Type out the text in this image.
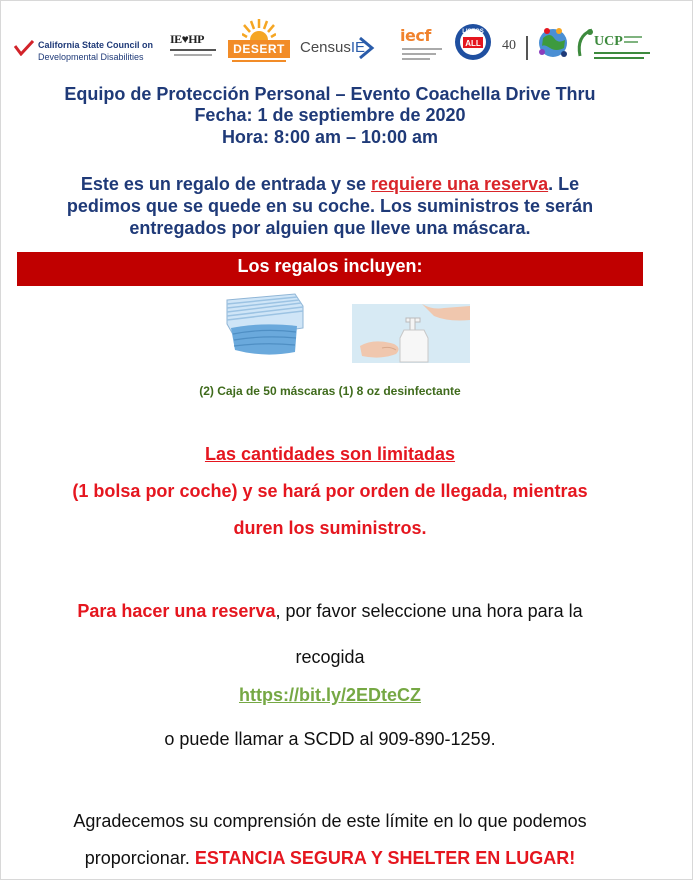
California State Council on
Developmental Disabilities
IE♥HP
DESERT	CensusIE
iecf	LISTOS
ALL 40	UCP
Equipo de Protección Personal – Evento Coachella Drive Thru
Fecha: 1 de septiembre de 2020
Hora: 8:00 am – 10:00 am
Este es un regalo de entrada y se requiere una reserva. Le pedimos que se quede en su coche. Los suministros te serán entregados por alguien que lleve una máscara.
Los regalos incluyen:
(2) Caja de 50 máscaras (1) 8 oz desinfectante
Las cantidades son limitadas
(1 bolsa por coche) y se hará por orden de llegada, mientras
duren los suministros.
Para hacer una reserva, por favor seleccione una hora para la
recogida
https://bit.ly/2EDteCZ
o puede llamar a SCDD al 909-890-1259.
Agradecemos su comprensión de este límite en lo que podemos
proporcionar. ESTANCIA SEGURA Y SHELTER EN LUGAR!
